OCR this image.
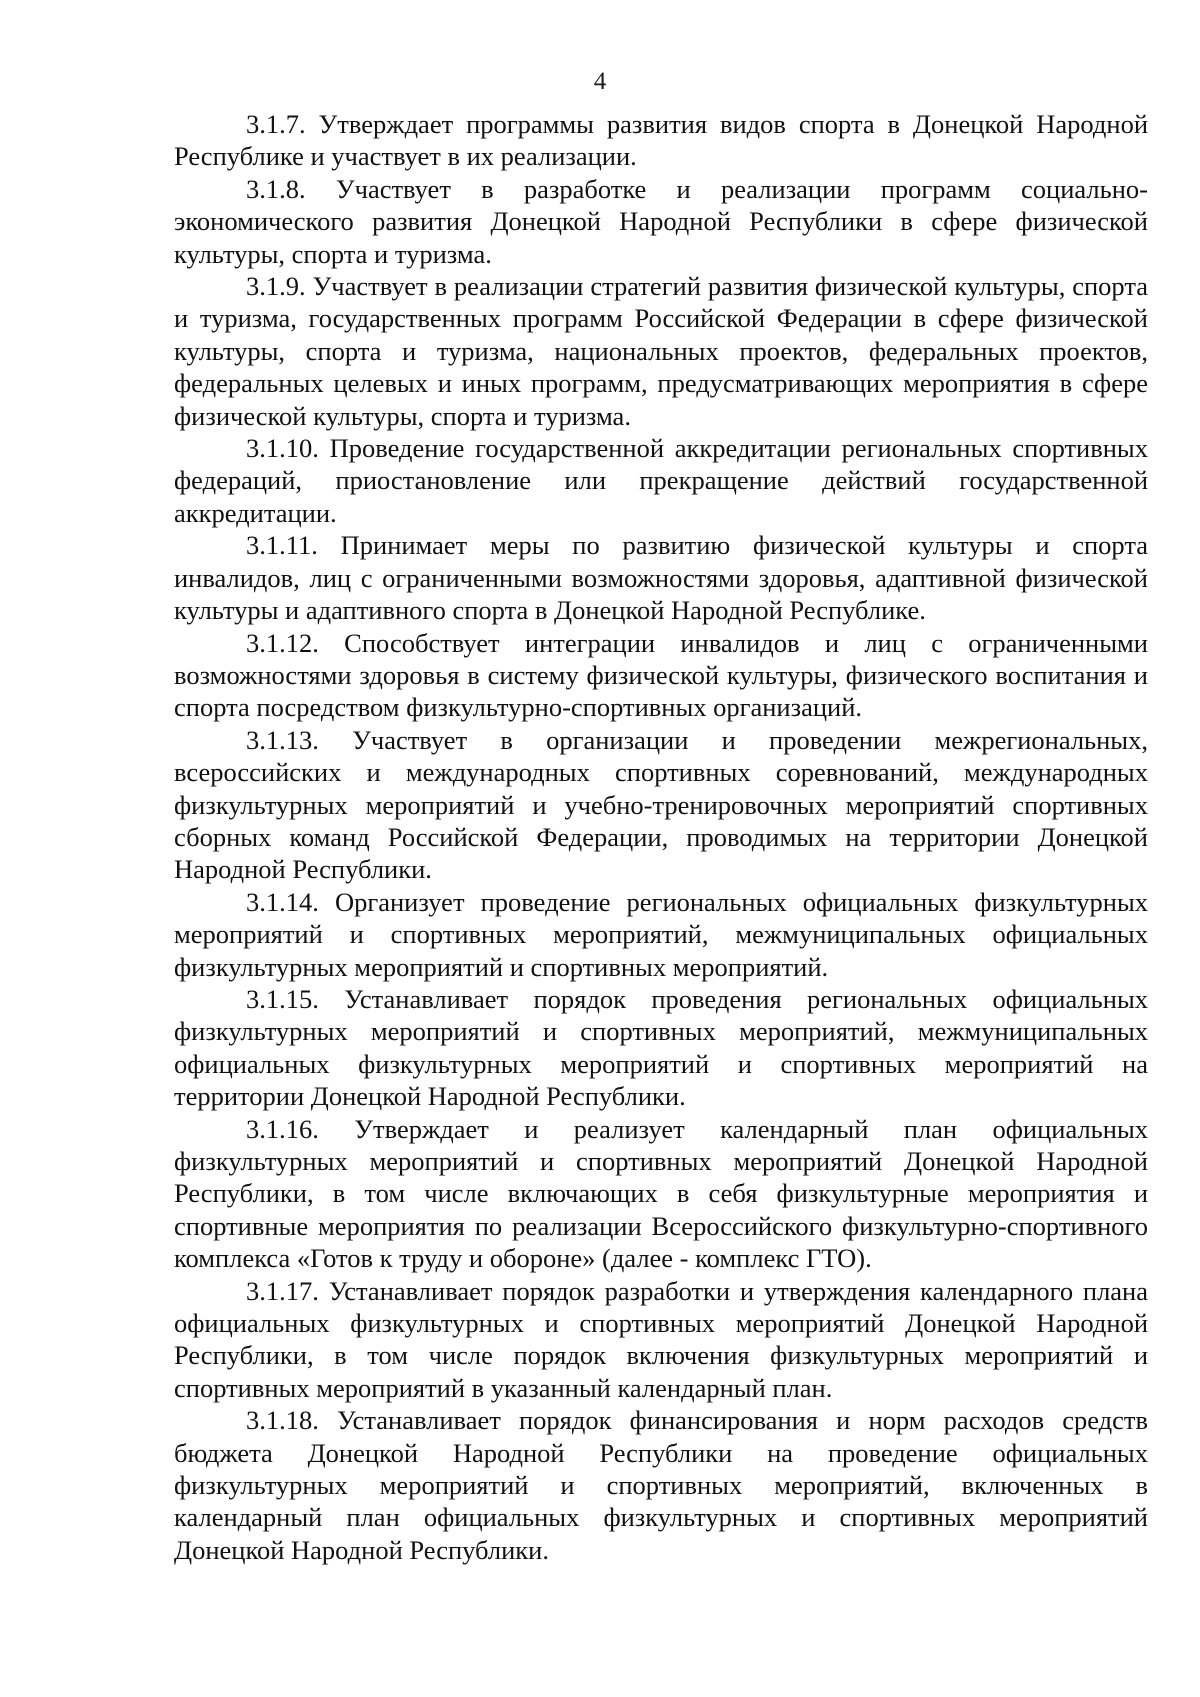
4

3.1.7. Утверждает программы развития видов спорта в Донецкой Народной Республике и участвует в их реализации.

3.1.8. Участвует в разработке и реализации программ социально-экономического развития Донецкой Народной Республики в сфере физической культуры, спорта и туризма.

3.1.9. Участвует в реализации стратегий развития физической культуры, спорта и туризма, государственных программ Российской Федерации в сфере физической культуры, спорта и туризма, национальных проектов, федеральных проектов, федеральных целевых и иных программ, предусматривающих мероприятия в сфере физической культуры, спорта и туризма.

3.1.10. Проведение государственной аккредитации региональных спортивных федераций, приостановление или прекращение действий государственной аккредитации.

3.1.11. Принимает меры по развитию физической культуры и спорта инвалидов, лиц с ограниченными возможностями здоровья, адаптивной физической культуры и адаптивного спорта в Донецкой Народной Республике.

3.1.12. Способствует интеграции инвалидов и лиц с ограниченными возможностями здоровья в систему физической культуры, физического воспитания и спорта посредством физкультурно-спортивных организаций.

3.1.13. Участвует в организации и проведении межрегиональных, всероссийских и международных спортивных соревнований, международных физкультурных мероприятий и учебно-тренировочных мероприятий спортивных сборных команд Российской Федерации, проводимых на территории Донецкой Народной Республики.

3.1.14. Организует проведение региональных официальных физкультурных мероприятий и спортивных мероприятий, межмуниципальных официальных физкультурных мероприятий и спортивных мероприятий.

3.1.15. Устанавливает порядок проведения региональных официальных физкультурных мероприятий и спортивных мероприятий, межмуниципальных официальных физкультурных мероприятий и спортивных мероприятий на территории Донецкой Народной Республики.

3.1.16. Утверждает и реализует календарный план официальных физкультурных мероприятий и спортивных мероприятий Донецкой Народной Республики, в том числе включающих в себя физкультурные мероприятия и спортивные мероприятия по реализации Всероссийского физкультурно-спортивного комплекса «Готов к труду и обороне» (далее - комплекс ГТО).

3.1.17. Устанавливает порядок разработки и утверждения календарного плана официальных физкультурных и спортивных мероприятий Донецкой Народной Республики, в том числе порядок включения физкультурных мероприятий и спортивных мероприятий в указанный календарный план.

3.1.18. Устанавливает порядок финансирования и норм расходов средств бюджета Донецкой Народной Республики на проведение официальных физкультурных мероприятий и спортивных мероприятий, включенных в календарный план официальных физкультурных и спортивных мероприятий Донецкой Народной Республики.
